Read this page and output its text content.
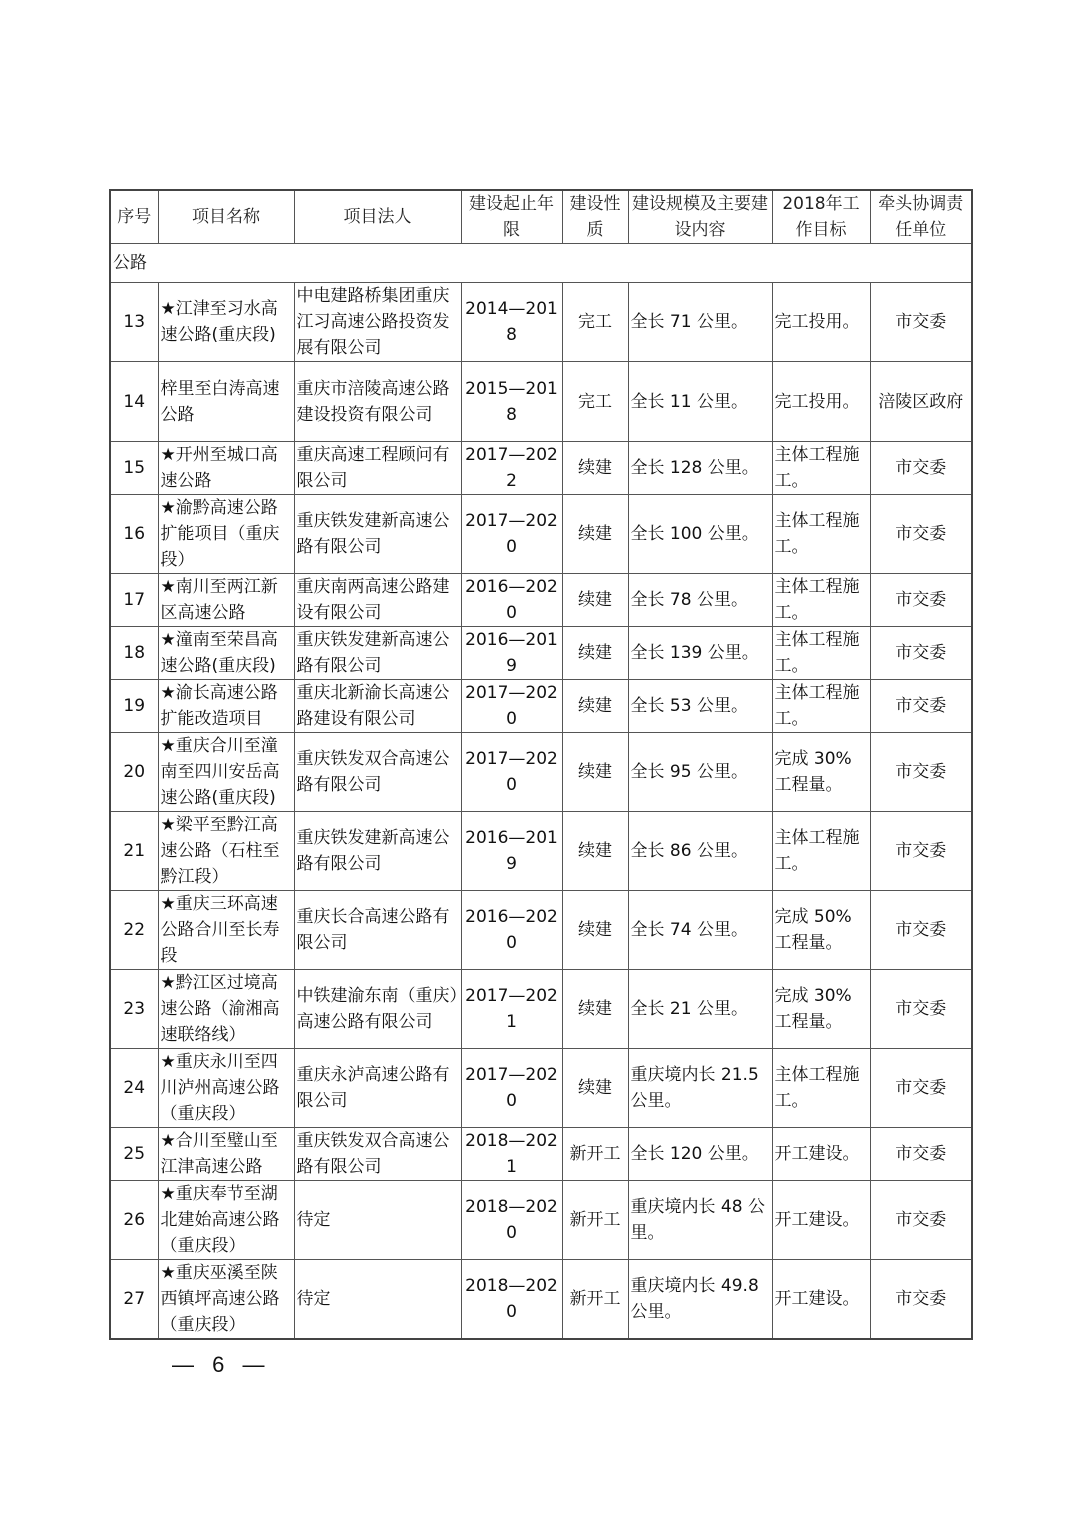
序号	项目名称	项目法人	建设起止年限	建设性质	建设规模及主要建设内容	2018年工作目标	牵头协调责任单位
公路							
13	★江津至习水高速公路(重庆段)	中电建路桥集团重庆江习高速公路投资发展有限公司	2014—2018	完工	全长 71 公里。	完工投用。	市交委
14	梓里至白涛高速公路	重庆市涪陵高速公路建设投资有限公司	2015—2018	完工	全长 11 公里。	完工投用。	涪陵区政府
15	★开州至城口高速公路	重庆高速工程顾问有限公司	2017—2022	续建	全长 128 公里。	主体工程施工。	市交委
16	★渝黔高速公路扩能项目（重庆段）	重庆铁发建新高速公路有限公司	2017—2020	续建	全长 100 公里。	主体工程施工。	市交委
17	★南川至两江新区高速公路	重庆南两高速公路建设有限公司	2016—2020	续建	全长 78 公里。	主体工程施工。	市交委
18	★潼南至荣昌高速公路(重庆段)	重庆铁发建新高速公路有限公司	2016—2019	续建	全长 139 公里。	主体工程施工。	市交委
19	★渝长高速公路扩能改造项目	重庆北新渝长高速公路建设有限公司	2017—2020	续建	全长 53 公里。	主体工程施工。	市交委
20	★重庆合川至潼南至四川安岳高速公路(重庆段)	重庆铁发双合高速公路有限公司	2017—2020	续建	全长 95 公里。	完成 30%工程量。	市交委
21	★梁平至黔江高速公路（石柱至黔江段）	重庆铁发建新高速公路有限公司	2016—2019	续建	全长 86 公里。	主体工程施工。	市交委
22	★重庆三环高速公路合川至长寿段	重庆长合高速公路有限公司	2016—2020	续建	全长 74 公里。	完成 50%工程量。	市交委
23	★黔江区过境高速公路（渝湘高速联络线）	中铁建渝东南（重庆）高速公路有限公司	2017—2021	续建	全长 21 公里。	完成 30%工程量。	市交委
24	★重庆永川至四川泸州高速公路（重庆段）	重庆永泸高速公路有限公司	2017—2020	续建	重庆境内长 21.5 公里。	主体工程施工。	市交委
25	★合川至璧山至江津高速公路	重庆铁发双合高速公路有限公司	2018—2021	新开工	全长 120 公里。	开工建设。	市交委
26	★重庆奉节至湖北建始高速公路（重庆段）	待定	2018—2020	新开工	重庆境内长 48 公里。	开工建设。	市交委
27	★重庆巫溪至陕西镇坪高速公路（重庆段）	待定	2018—2020	新开工	重庆境内长 49.8 公里。	开工建设。	市交委
— 6 —
